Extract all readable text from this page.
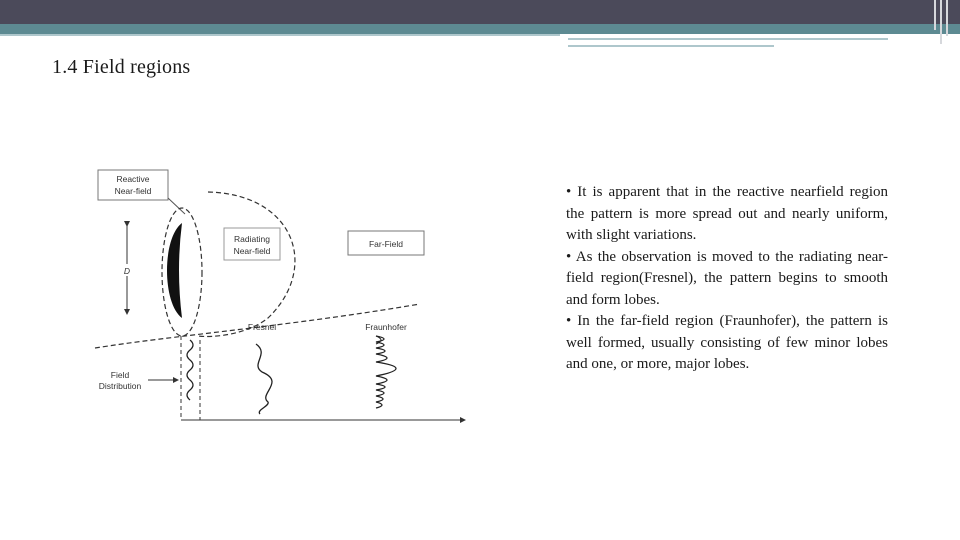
1.4 Field regions
Reactive
Near-field
Radiating
Near-field
Far-Field
D
Fresnel	Fraunhofer
Field
Distribution

• It is apparent that in the reactive nearfield region the pattern is more spread out and nearly uniform, with slight variations.

• As the observation is moved to the radiating near-field region(Fresnel), the pattern begins to smooth and form lobes.

• In the far-field region (Fraunhofer), the pattern is well formed, usually consisting of few minor lobes and one, or more, major lobes.
